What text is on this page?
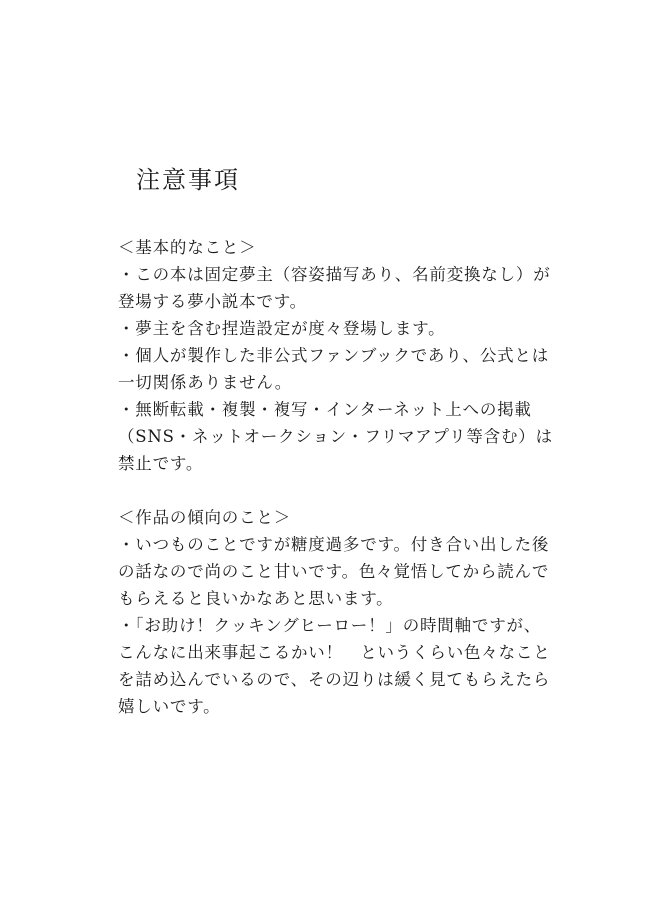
注意事項
＜基本的なこと＞
・この本は固定夢主（容姿描写あり、名前変換なし）が
登場する夢小説本です。
・夢主を含む捏造設定が度々登場します。
・個人が製作した非公式ファンブックであり、公式とは
一切関係ありません。
・無断転載・複製・複写・インターネット上への掲載
（SNS・ネットオークション・フリマアプリ等含む）は
禁止です。
＜作品の傾向のこと＞
・いつものことですが糖度過多です。付き合い出した後
の話なので尚のこと甘いです。色々覚悟してから読んで
もらえると良いかなあと思います。
・「お助け！クッキングヒーロー！」の時間軸ですが、
こんなに出来事起こるかい！　というくらい色々なこと
を詰め込んでいるので、その辺りは緩く見てもらえたら
嬉しいです。
